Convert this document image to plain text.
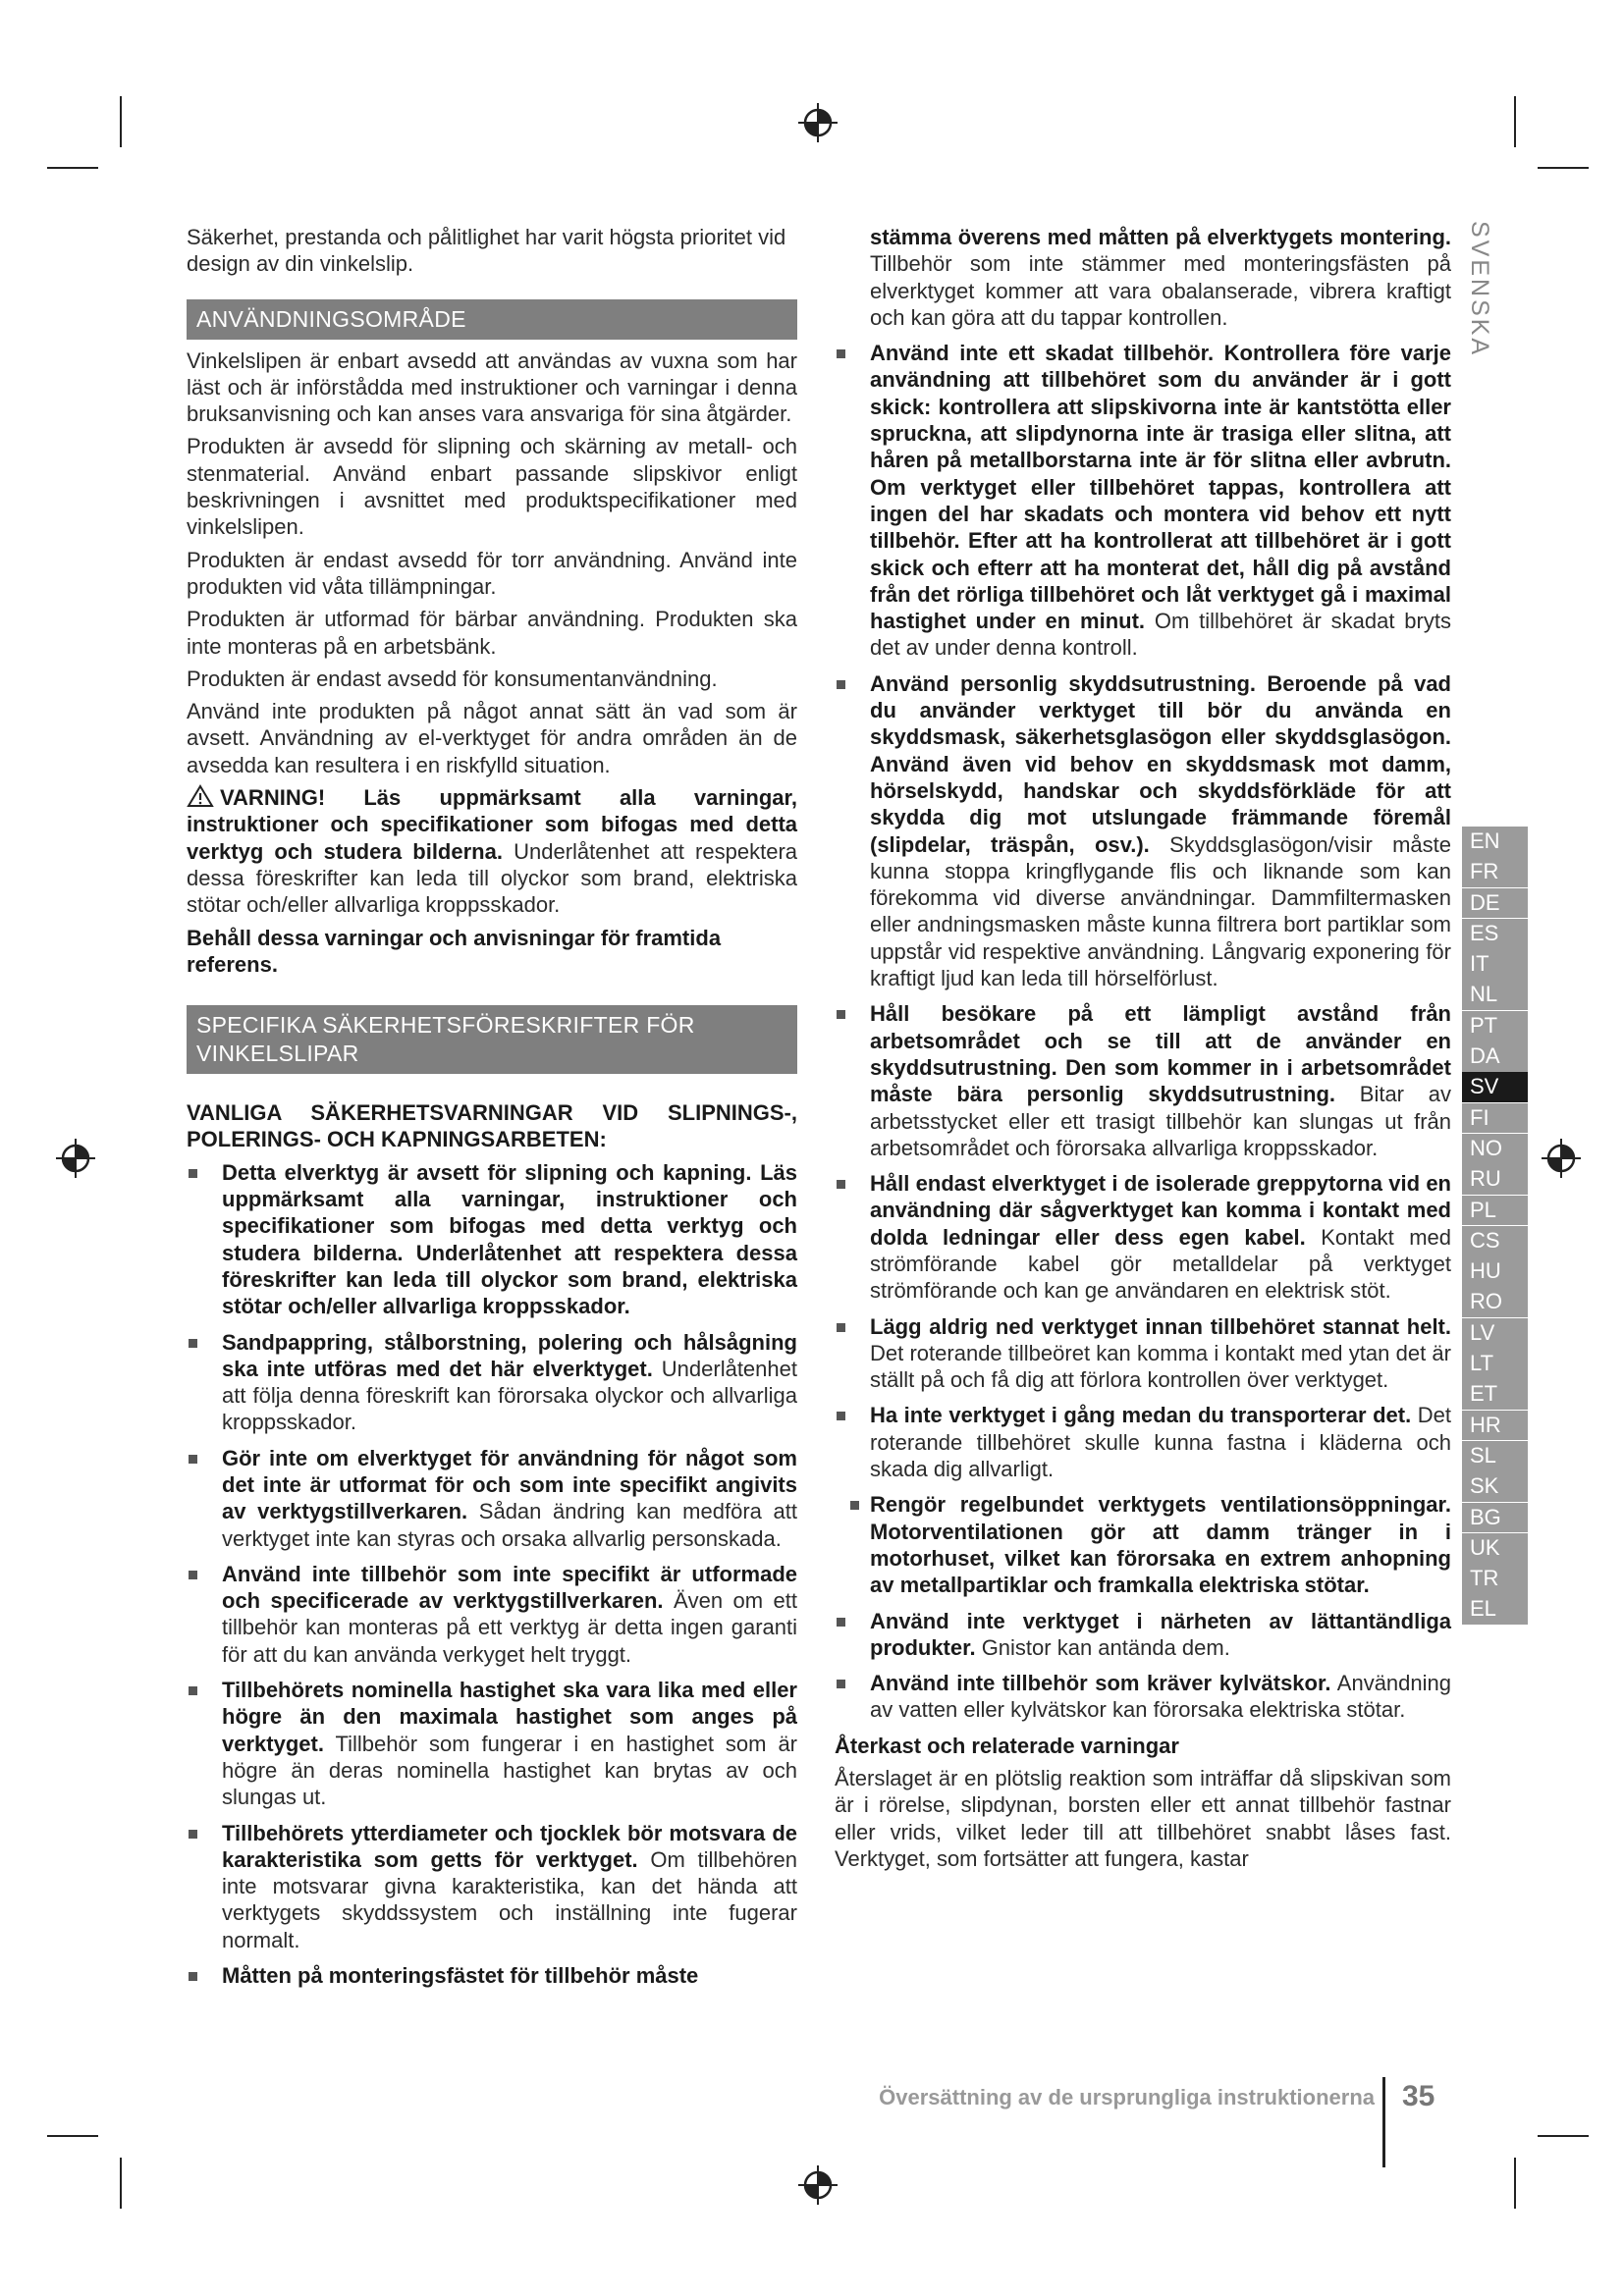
Säkerhet, prestanda och pålitlighet har varit högsta prioritet vid design av din vinkelslip.

ANVÄNDNINGSOMRÅDE

Vinkelslipen är enbart avsedd att användas av vuxna som har läst och är införstådda med instruktioner och varningar i denna bruksanvisning och kan anses vara ansvariga för sina åtgärder.

Produkten är avsedd för slipning och skärning av metall- och stenmaterial. Använd enbart passande slipskivor enligt beskrivningen i avsnittet med produktspecifikationer med vinkelslipen.

Produkten är endast avsedd för torr användning. Använd inte produkten vid våta tillämpningar.

Produkten är utformad för bärbar användning. Produkten ska inte monteras på en arbetsbänk.

Produkten är endast avsedd för konsumentanvändning.

Använd inte produkten på något annat sätt än vad som är avsett. Användning av el-verktyget för andra områden än de avsedda kan resultera i en riskfylld situation.

VARNING! Läs uppmärksamt alla varningar, instruktioner och specifikationer som bifogas med detta verktyg och studera bilderna. Underlåtenhet att respektera dessa föreskrifter kan leda till olyckor som brand, elektriska stötar och/eller allvarliga kroppsskador.

Behåll dessa varningar och anvisningar för framtida referens.

SPECIFIKA SÄKERHETSFÖRESKRIFTER FÖR VINKELSLIPAR

VANLIGA SÄKERHETSVARNINGAR VID SLIPNINGS-, POLERINGS- OCH KAPNINGSARBETEN:

Detta elverktyg är avsett för slipning och kapning. Läs uppmärksamt alla varningar, instruktioner och specifikationer som bifogas med detta verktyg och studera bilderna. Underlåtenhet att respektera dessa föreskrifter kan leda till olyckor som brand, elektriska stötar och/eller allvarliga kroppsskador.
Sandpappring, stålborstning, polering och hålsågning ska inte utföras med det här elverktyget. Underlåtenhet att följa denna föreskrift kan förorsaka olyckor och allvarliga kroppsskador.
Gör inte om elverktyget för användning för något som det inte är utformat för och som inte specifikt angivits av verktygstillverkaren. Sådan ändring kan medföra att verktyget inte kan styras och orsaka allvarlig personskada.
Använd inte tillbehör som inte specifikt är utformade och specificerade av verktygstillverkaren. Även om ett tillbehör kan monteras på ett verktyg är detta ingen garanti för att du kan använda verkyget helt tryggt.
Tillbehörets nominella hastighet ska vara lika med eller högre än den maximala hastighet som anges på verktyget. Tillbehör som fungerar i en hastighet som är högre än deras nominella hastighet kan brytas av och slungas ut.
Tillbehörets ytterdiameter och tjocklek bör motsvara de karakteristika som getts för verktyget. Om tillbehören inte motsvarar givna karakteristika, kan det hända att verktygets skyddssystem och inställning inte fugerar normalt.
Måtten på monteringsfästet för tillbehör måste
stämma överens med måtten på elverktygets montering. Tillbehör som inte stämmer med monteringsfästen på elverktyget kommer att vara obalanserade, vibrera kraftigt och kan göra att du tappar kontrollen.
Använd inte ett skadat tillbehör. Kontrollera före varje användning att tillbehöret som du använder är i gott skick: kontrollera att slipskivorna inte är kantstötta eller spruckna, att slipdynorna inte är trasiga eller slitna, att håren på metallborstarna inte är för slitna eller avbrutn. Om verktyget eller tillbehöret tappas, kontrollera att ingen del har skadats och montera vid behov ett nytt tillbehör. Efter att ha kontrollerat att tillbehöret är i gott skick och efterr att ha monterat det, håll dig på avstånd från det rörliga tillbehöret och låt verktyget gå i maximal hastighet under en minut. Om tillbehöret är skadat bryts det av under denna kontroll.
Använd personlig skyddsutrustning. Beroende på vad du använder verktyget till bör du använda en skyddsmask, säkerhetsglasögon eller skyddsglasögon. Använd även vid behov en skyddsmask mot damm, hörselskydd, handskar och skyddsförkläde för att skydda dig mot utslungade främmande föremål (slipdelar, träspån, osv.). Skyddsglasögon/visir måste kunna stoppa kringflygande flis och liknande som kan förekomma vid diverse användningar. Dammfiltermasken eller andningsmasken måste kunna filtrera bort partiklar som uppstår vid respektive användning. Långvarig exponering för kraftigt ljud kan leda till hörselförlust.
Håll besökare på ett lämpligt avstånd från arbetsområdet och se till att de använder en skyddsutrustning. Den som kommer in i arbetsområdet måste bära personlig skyddsutrustning. Bitar av arbetsstycket eller ett trasigt tillbehör kan slungas ut från arbetsområdet och förorsaka allvarliga kroppsskador.
Håll endast elverktyget i de isolerade greppytorna vid en användning där sågverktyget kan komma i kontakt med dolda ledningar eller dess egen kabel. Kontakt med strömförande kabel gör metalldelar på verktyget strömförande och kan ge användaren en elektrisk stöt.
Lägg aldrig ned verktyget innan tillbehöret stannat helt. Det roterande tillbeöret kan komma i kontakt med ytan det är ställt på och få dig att förlora kontrollen över verktyget.
Ha inte verktyget i gång medan du transporterar det. Det roterande tillbehöret skulle kunna fastna i kläderna och skada dig allvarligt.
Rengör regelbundet verktygets ventilationsöppningar. Motorventilationen gör att damm tränger in i motorhuset, vilket kan förorsaka en extrem anhopning av metallpartiklar och framkalla elektriska stötar.
Använd inte verktyget i närheten av lättantändliga produkter. Gnistor kan antända dem.
Använd inte tillbehör som kräver kylvätskor. Användning av vatten eller kylvätskor kan förorsaka elektriska stötar.

Återkast och relaterade varningar

Återslaget är en plötslig reaktion som inträffar då slipskivan som är i rörelse, slipdynan, borsten eller ett annat tillbehör fastnar eller vrids, vilket leder till att tillbehöret snabbt låses fast. Verktyget, som fortsätter att fungera, kastar

SVENSKA
EN
FR
DE
ES
IT
NL
PT
DA
SV
FI
NO
RU
PL
CS
HU
RO
LV
LT
ET
HR
SL
SK
BG
UK
TR
EL
Översättning av de ursprungliga instruktionerna 35
